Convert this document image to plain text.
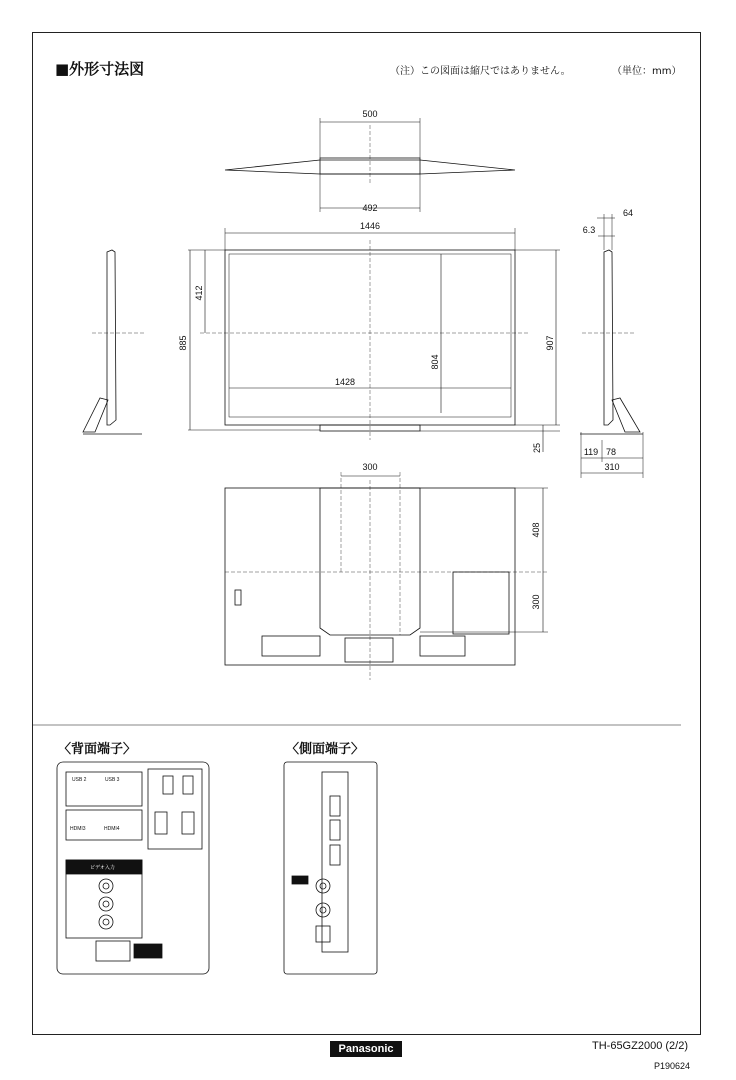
■外形寸法図	（注）この図面は縮尺ではありません。	（単位：mm）
500
492
1446
1428
412
885
804
907
64
6.3
25	119 78
310
300
408
300
USB 2	USB 3
HDMI3	HDMI4
ビデオ入力
〈背面端子〉	〈側面端子〉
Panasonic	TH-65GZ2000 (2/2)
P190624
